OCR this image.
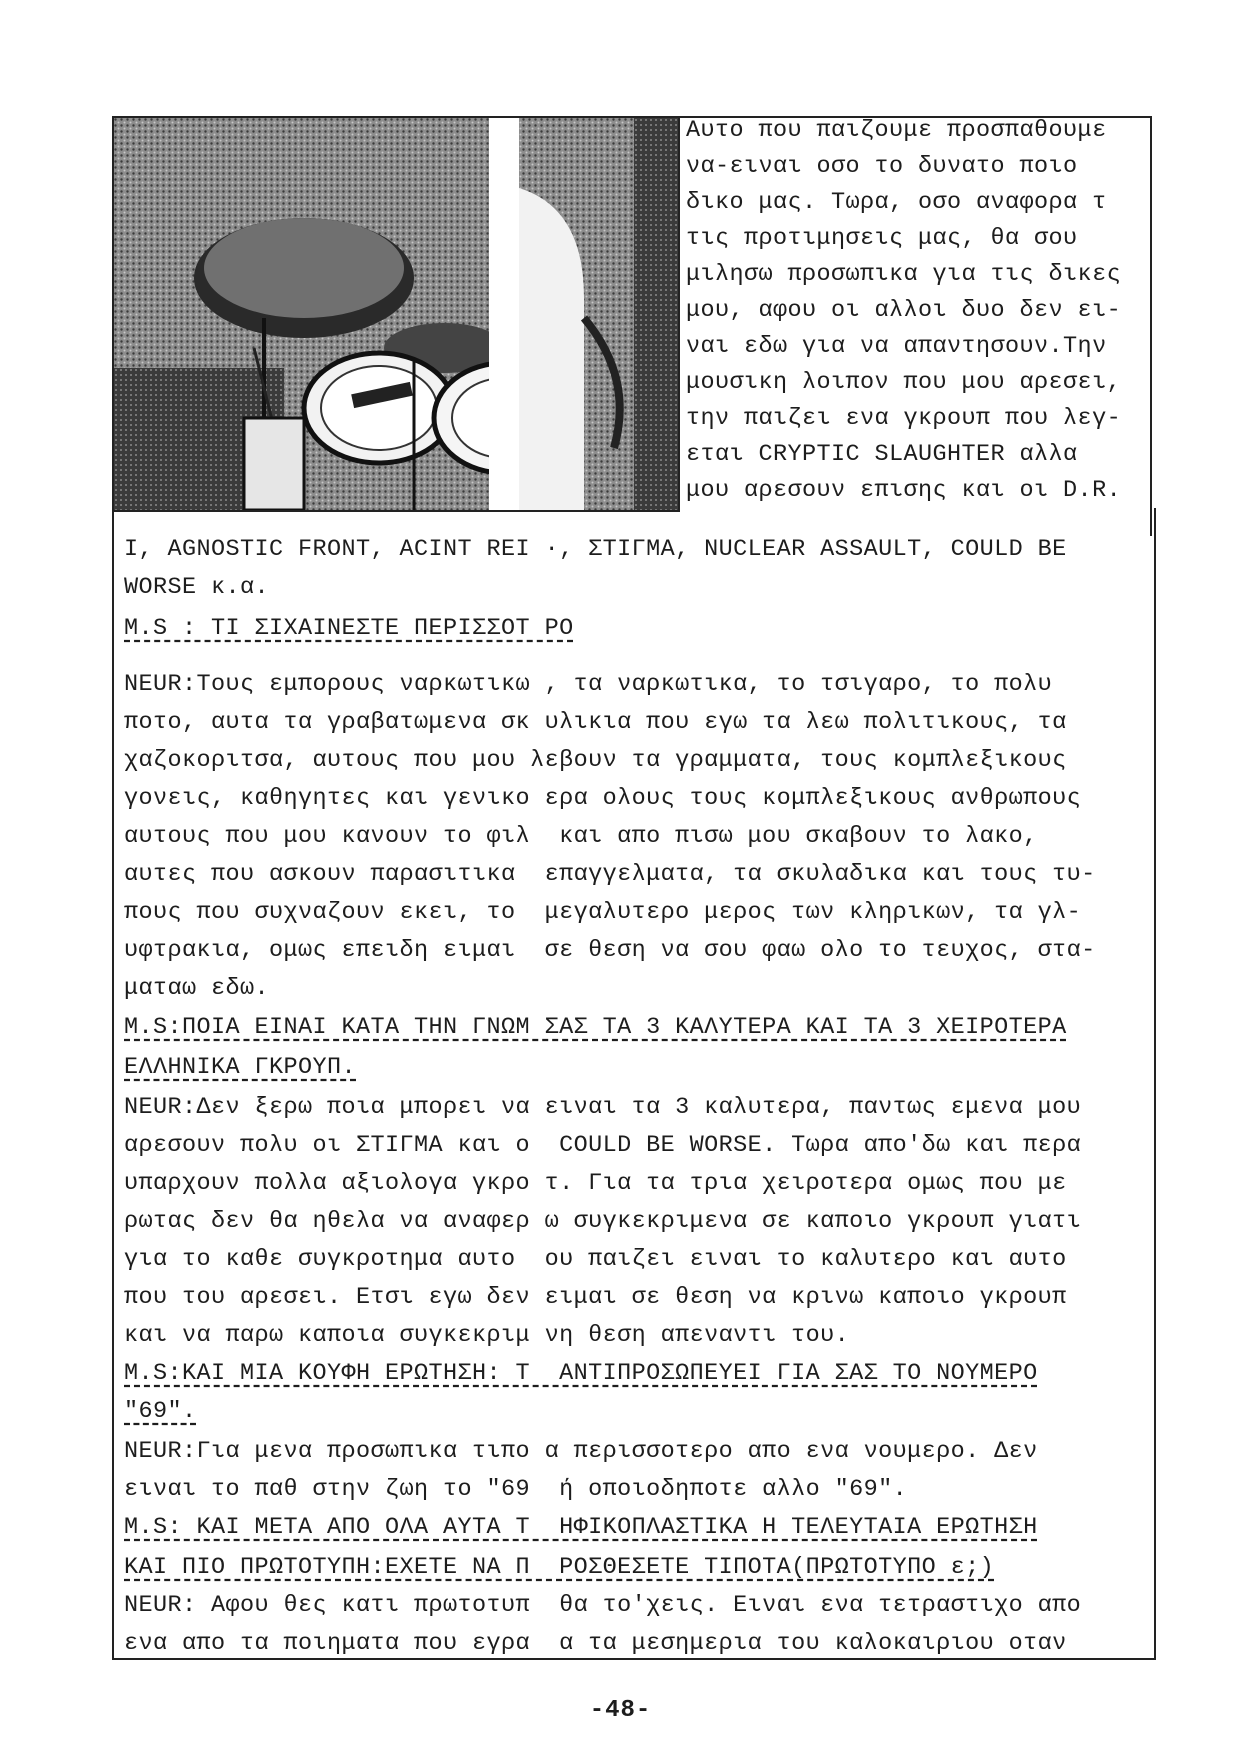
Αυτο που παιζουμε προσπαθουμε
να-ειναι οσο το δυνατο ποιο
δικο μας. Τωρα, οσο αναφορα τ
τις προτιμησεις μας, θα σου
μιλησω προσωπικα για τις δικες
μου, αφου οι αλλοι δυο δεν ει-
ναι εδω για να απαντησουν.Την
μουσικη λοιπον που μου αρεσει,
την παιζει ενα γκρουπ που λεγ-
εται CRYPTIC SLAUGHTER αλλα
μου αρεσουν επισης και οι D.R.
I, AGNOSTIC FRONT, ACINT REI ·, ΣΤΙΓΜΑ, NUCLEAR ASSAULT, COULD BE
WORSE κ.α.
M.S : ΤΙ ΣΙΧΑΙΝΕΣΤΕ ΠΕΡΙΣΣΟΤ ΡΟ
NEUR:Τους εμπορους ναρκωτικω , τα ναρκωτικα, το τσιγαρο, το πολυ
ποτο, αυτα τα γραβατωμενα σκ υλικια που εγω τα λεω πολιτικους, τα
χαζοκοριτσα, αυτους που μου λεβουν τα γραμματα, τους κομπλεξικους
γονεις, καθηγητες και γενικο ερα ολους τους κομπλεξικους ανθρωπους
αυτους που μου κανουν το φιλ  και απο πισω μου σκαβουν το λακο,
αυτες που ασκουν παρασιτικα  επαγγελματα, τα σκυλαδικα και τους τυ-
πους που συχναζουν εκει, το  μεγαλυτερο μερος των κληρικων, τα γλ-
υφτρακια, ομως επειδη ειμαι  σε θεση να σου φαω ολο το τευχος, στα-
ματαω εδω.
M.S:ΠΟΙΑ ΕΙΝΑΙ ΚΑΤΑ ΤΗΝ ΓΝΩΜ ΣΑΣ ΤΑ 3 ΚΑΛΥΤΕΡΑ ΚΑΙ ΤΑ 3 ΧΕΙΡΟΤΕΡΑ
ΕΛΛΗΝΙΚΑ ΓΚΡΟΥΠ.
NEUR:Δεν ξερω ποια μπορει να ειναι τα 3 καλυτερα, παντως εμενα μου
αρεσουν πολυ οι ΣΤΙΓΜΑ και ο  COULD BE WORSE. Τωρα απο'δω και περα
υπαρχουν πολλα αξιολογα γκρο τ. Για τα τρια χειροτερα ομως που με
ρωτας δεν θα ηθελα να αναφερ ω συγκεκριμενα σε καποιο γκρουπ γιατι
για το καθε συγκροτημα αυτο  ου παιζει ειναι το καλυτερο και αυτο
που του αρεσει. Ετσι εγω δεν ειμαι σε θεση να κρινω καποιο γκρουπ
και να παρω καποια συγκεκριμ νη θεση απεναντι του.
M.S:ΚΑΙ ΜΙΑ ΚΟΥΦΗ ΕΡΩΤΗΣΗ: Τ  ΑΝΤΙΠΡΟΣΩΠΕΥΕΙ ΓΙΑ ΣΑΣ ΤΟ ΝΟΥΜΕΡΟ
"69".
NEUR:Για μενα προσωπικα τιπο α περισσοτερο απο ενα νουμερο. Δεν
ειναι το παθ στην ζωη το "69  ή οποιοδηποτε αλλο "69".
M.S: ΚΑΙ ΜΕΤΑ ΑΠΟ ΟΛΑ ΑΥΤΑ Τ  ΗΦΙΚΟΠΛΑΣΤΙΚΑ Η ΤΕΛΕΥΤΑΙΑ ΕΡΩΤΗΣΗ
ΚΑΙ ΠΙΟ ΠΡΩΤΟΤΥΠΗ:ΕΧΕΤΕ ΝΑ Π  ΡΟΣΘΕΣΕΤΕ ΤΙΠΟΤΑ(ΠΡΩΤΟΤΥΠΟ ε;)
NEUR: Αφου θες κατι πρωτοτυπ  θα το'χεις. Ειναι ενα τετραστιχο απο
ενα απο τα ποιηματα που εγρα  α τα μεσημερια του καλοκαιριου οταν
-48-
